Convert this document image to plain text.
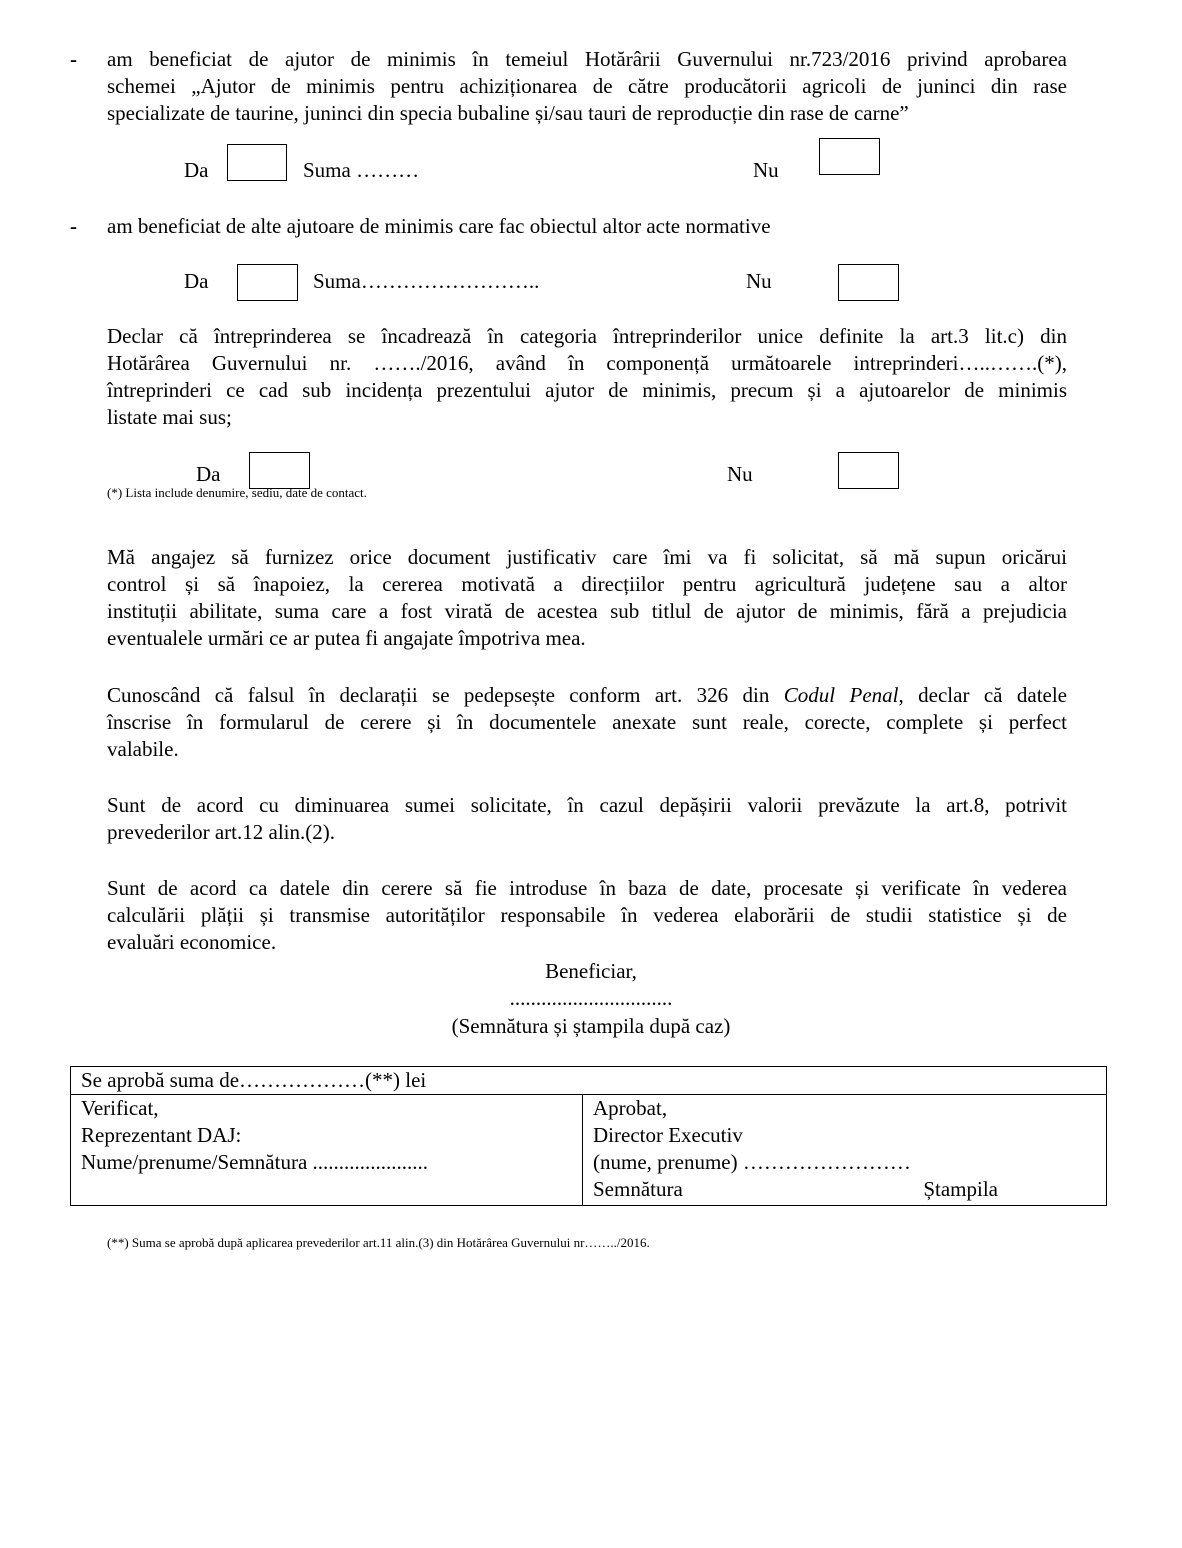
- am beneficiat de ajutor de minimis în temeiul Hotărârii Guvernului nr.723/2016 privind aprobarea
schemei „Ajutor de minimis pentru achiziționarea de către producătorii agricoli de juninci din rase
specializate de taurine, juninci din specia bubaline și/sau tauri de reproducție din rase de carne”
Da	Suma ………	Nu
- am beneficiat de alte ajutoare de minimis care fac obiectul altor acte normative
Da	Suma……………………..	Nu
Declar că întreprinderea se încadrează în categoria întreprinderilor unice definite la art.3 lit.c) din
Hotărârea Guvernului nr. ……./2016, având în componență următoarele intreprinderi…..…….(*),
întreprinderi ce cad sub incidența prezentului ajutor de minimis, precum și a ajutoarelor de minimis
listate mai sus;
Da
(*) Lista include denumire, sediu, date de contact.
Nu
Mă angajez să furnizez orice document justificativ care îmi va fi solicitat, să mă supun oricărui
control și să înapoiez, la cererea motivată a direcțiilor pentru agricultură județene sau a altor
instituții abilitate, suma care a fost virată de acestea sub titlul de ajutor de minimis, fără a prejudicia
eventualele urmări ce ar putea fi angajate împotriva mea.
Cunoscând că falsul în declarații se pedepsește conform art. 326 din Codul Penal, declar că datele
înscrise în formularul de cerere și în documentele anexate sunt reale, corecte, complete și perfect
valabile.
Sunt de acord cu diminuarea sumei solicitate, în cazul depășirii valorii prevăzute la art.8, potrivit
prevederilor art.12 alin.(2).
Sunt de acord ca datele din cerere să fie introduse în baza de date, procesate și verificate în vederea
calculării plății și transmise autorităților responsabile în vederea elaborării de studii statistice și de
evaluări economice.
Beneficiar,
...............................
(Semnătura și ștampila după caz)
Se aprobă suma de………………(**) lei

Verificat,
Reprezentant DAJ:
Nume/prenume/Semnătura ......................

Aprobat,
Director Executiv
(nume, prenume) ……………………
Semnătura	Ștampila
(**) Suma se aprobă după aplicarea prevederilor art.11 alin.(3) din Hotărârea Guvernului nr……../2016.
